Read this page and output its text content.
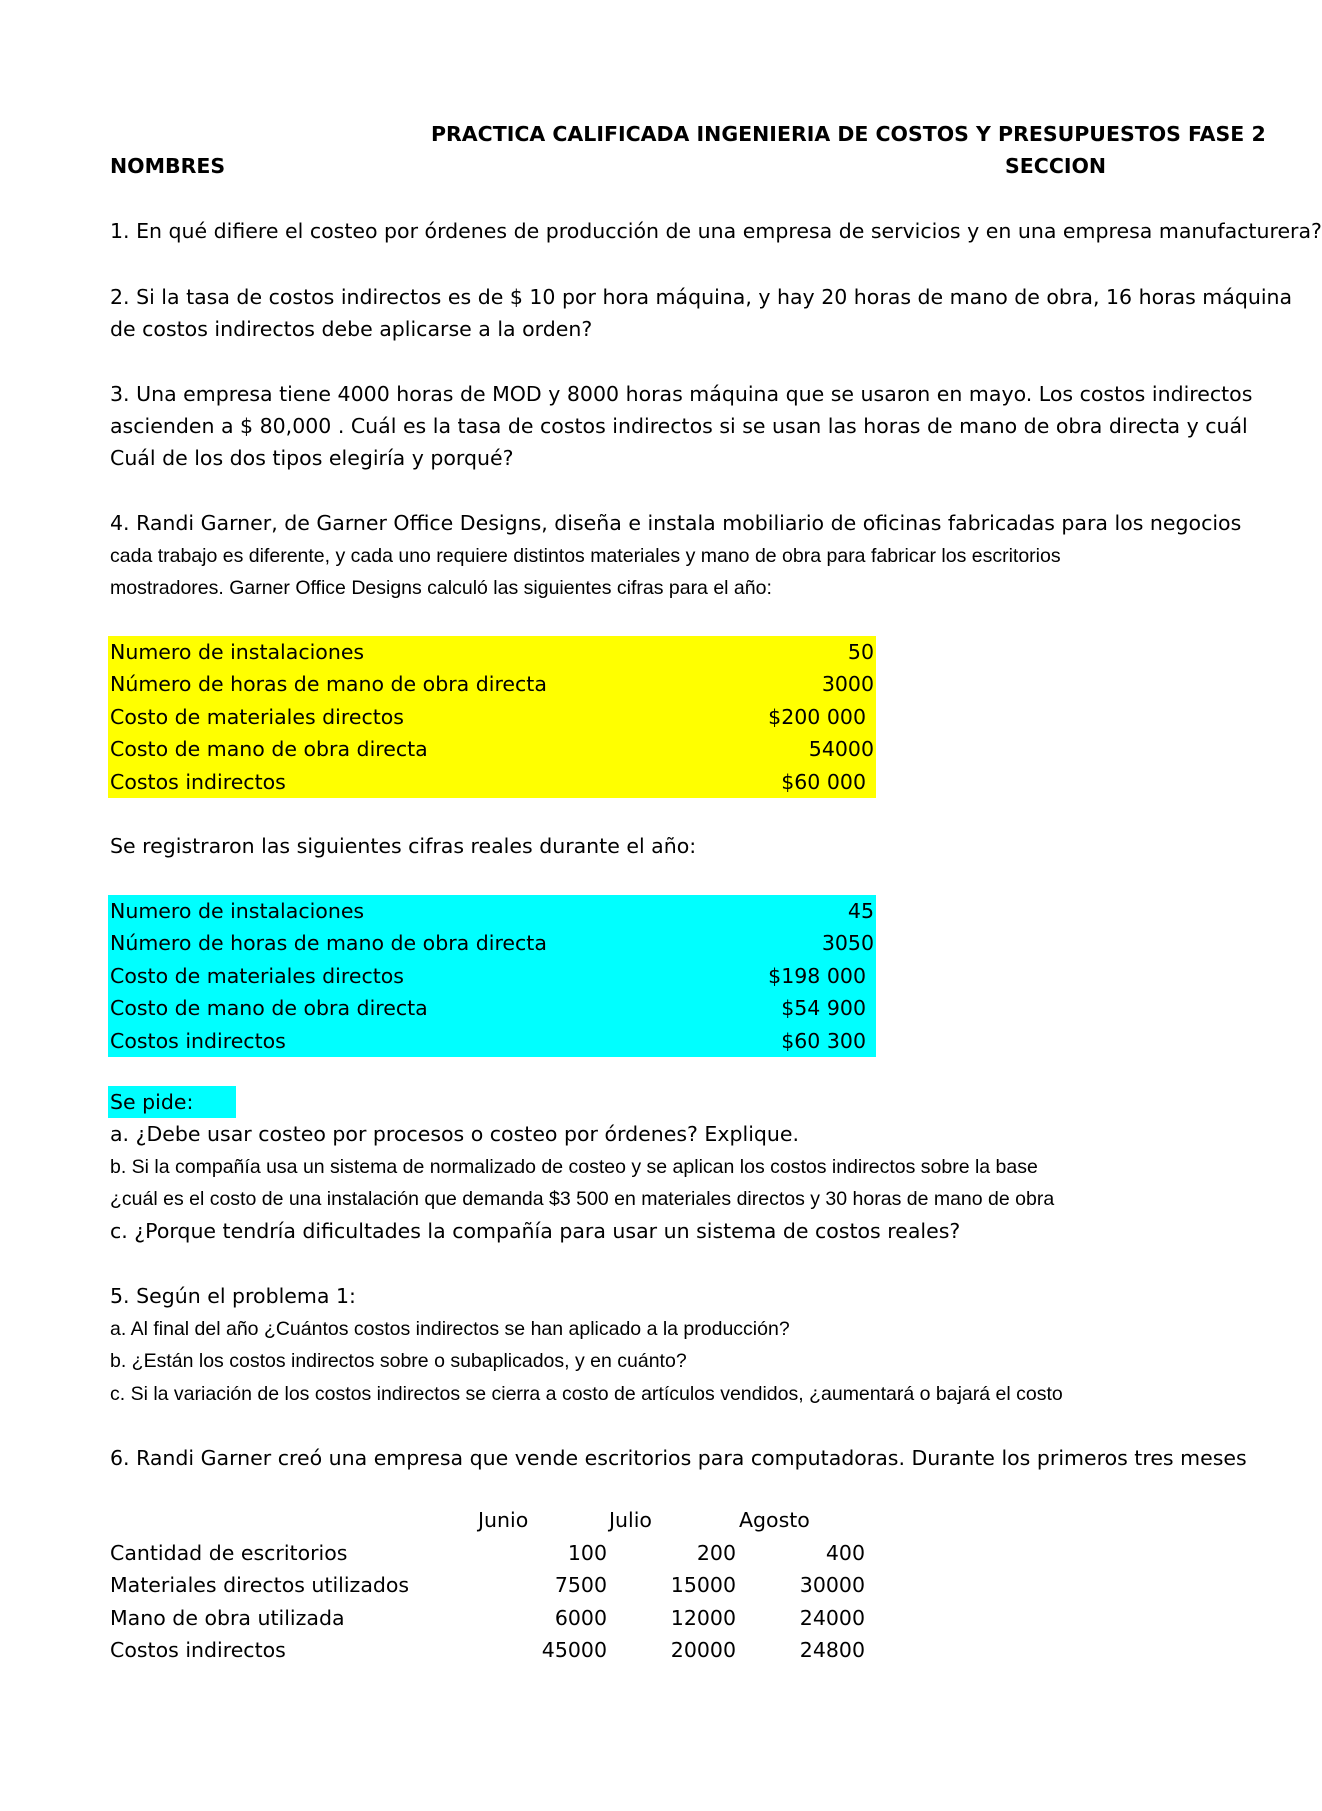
PRACTICA CALIFICADA INGENIERIA DE COSTOS Y PRESUPUESTOS FASE 2
NOMBRES	SECCION
1. En qué difiere el costeo por órdenes de producción de una empresa de servicios y en una empresa manufacturera?
2. Si la tasa de costos indirectos es de $ 10 por hora máquina, y hay 20 horas de mano de obra, 16 horas máquina
de costos indirectos debe aplicarse a la orden?
3. Una empresa tiene 4000 horas de MOD y 8000 horas máquina que se usaron en mayo. Los costos indirectos
ascienden a $ 80,000 . Cuál es la tasa de costos indirectos si se usan las horas de mano de obra directa y cuál
Cuál de los dos tipos elegiría y porqué?
4. Randi Garner, de Garner Office Designs, diseña e instala mobiliario de oficinas fabricadas para los negocios
cada trabajo es diferente, y cada uno requiere distintos materiales y mano de obra para fabricar los escritorios
mostradores. Garner Office Designs calculó las siguientes cifras para el año:
Numero de instalaciones	50
Número de horas de mano de obra directa	3000
Costo de materiales directos	$200 000
Costo de mano de obra directa	54000
Costos indirectos	$60 000
Se registraron las siguientes cifras reales durante el año:
Numero de instalaciones	45
Número de horas de mano de obra directa	3050
Costo de materiales directos	$198 000
Costo de mano de obra directa	$54 900
Costos indirectos	$60 300
Se pide:
a. ¿Debe usar costeo por procesos o costeo por órdenes? Explique.
b. Si la compañía usa un sistema de normalizado de costeo y se aplican los costos indirectos sobre la base
¿cuál es el costo de una instalación que demanda $3 500 en materiales directos y 30 horas de mano de obra
c. ¿Porque tendría dificultades la compañía para usar un sistema de costos reales?
5. Según el problema 1:
a. Al final del año ¿Cuántos costos indirectos se han aplicado a la producción?
b. ¿Están los costos indirectos sobre o subaplicados, y en cuánto?
c. Si la variación de los costos indirectos se cierra a costo de artículos vendidos, ¿aumentará o bajará el costo
6. Randi Garner creó una empresa que vende escritorios para computadoras. Durante los primeros tres meses
	Junio	Julio	Agosto
Cantidad de escritorios	100	200	400
Materiales directos utilizados	7500	15000	30000
Mano de obra utilizada	6000	12000	24000
Costos indirectos	45000	20000	24800
